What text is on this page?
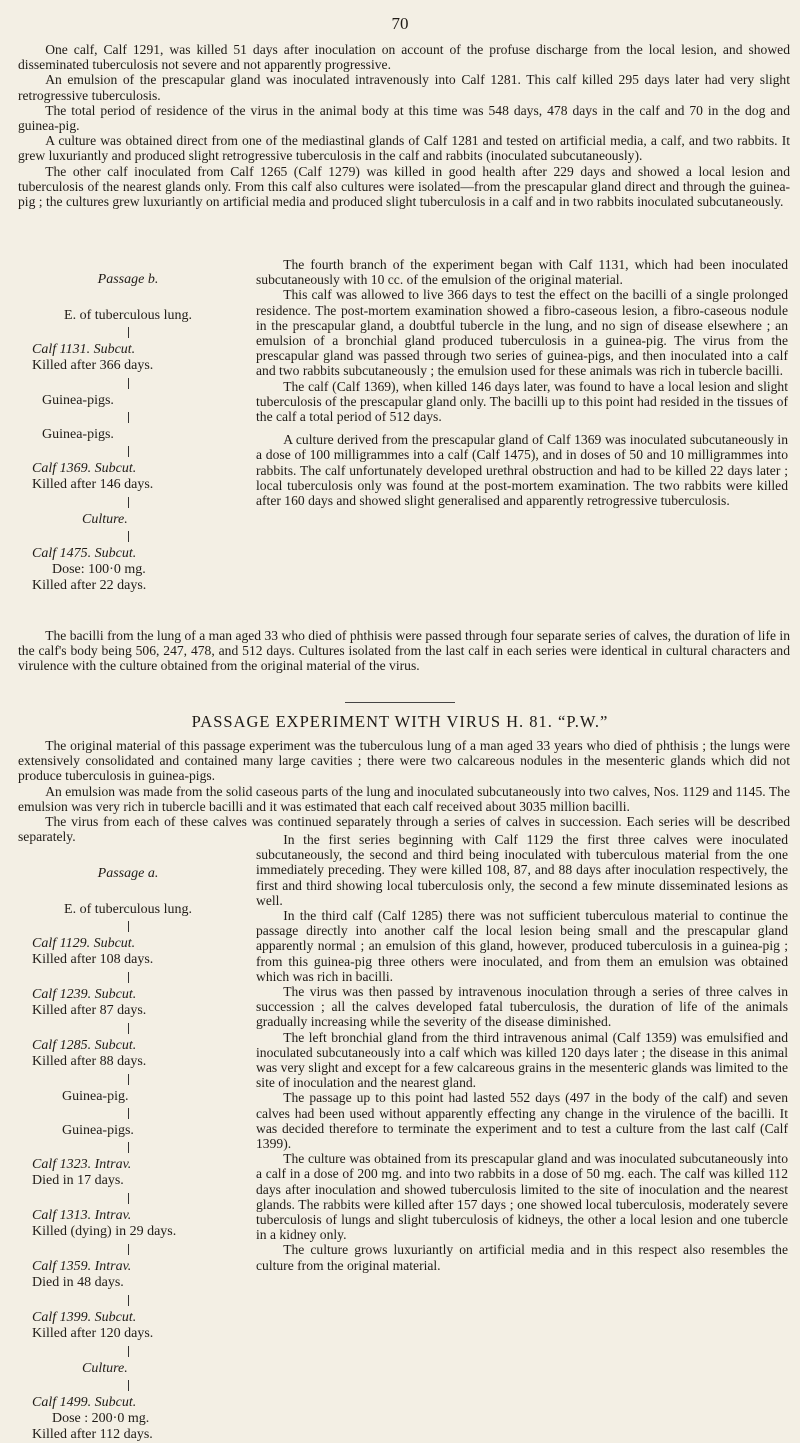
70

One calf, Calf 1291, was killed 51 days after inoculation on account of the profuse discharge from the local lesion, and showed disseminated tuberculosis not severe and not apparently progressive.

An emulsion of the prescapular gland was inoculated intravenously into Calf 1281. This calf killed 295 days later had very slight retrogressive tuberculosis.

The total period of residence of the virus in the animal body at this time was 548 days, 478 days in the calf and 70 in the dog and guinea-pig.

A culture was obtained direct from one of the mediastinal glands of Calf 1281 and tested on artificial media, a calf, and two rabbits. It grew luxuriantly and produced slight retrogressive tuberculosis in the calf and rabbits (inoculated subcutaneously).

The other calf inoculated from Calf 1265 (Calf 1279) was killed in good health after 229 days and showed a local lesion and tuberculosis of the nearest glands only. From this calf also cultures were isolated—from the prescapular gland direct and through the guinea-pig ; the cultures grew luxuriantly on artificial media and produced slight tuberculosis in a calf and in two rabbits inoculated subcutaneously.

Passage b.
E. of tuberculous lung.
Calf 1131. Subcut.
Killed after 366 days.
Guinea-pigs.
Guinea-pigs.
Calf 1369. Subcut.
Killed after 146 days.
Culture.
Calf 1475. Subcut.
Dose: 100·0 mg.
Killed after 22 days.

The fourth branch of the experiment began with Calf 1131, which had been inoculated subcutaneously with 10 cc. of the emulsion of the original material.

This calf was allowed to live 366 days to test the effect on the bacilli of a single prolonged residence. The post-mortem examination showed a fibro-caseous lesion, a fibro-caseous nodule in the prescapular gland, a doubtful tubercle in the lung, and no sign of disease elsewhere ; an emulsion of a bronchial gland produced tuberculosis in a guinea-pig. The virus from the prescapular gland was passed through two series of guinea-pigs, and then inoculated into a calf and two rabbits subcutaneously ; the emulsion used for these animals was rich in tubercle bacilli.

The calf (Calf 1369), when killed 146 days later, was found to have a local lesion and slight tuberculosis of the prescapular gland only. The bacilli up to this point had resided in the tissues of the calf a total period of 512 days.

A culture derived from the prescapular gland of Calf 1369 was inoculated subcutaneously in a dose of 100 milligrammes into a calf (Calf 1475), and in doses of 50 and 10 milligrammes into rabbits. The calf unfortunately developed urethral obstruction and had to be killed 22 days later ; local tuberculosis only was found at the post-mortem examination. The two rabbits were killed after 160 days and showed slight generalised and apparently retrogressive tuberculosis.

The bacilli from the lung of a man aged 33 who died of phthisis were passed through four separate series of calves, the duration of life in the calf's body being 506, 247, 478, and 512 days. Cultures isolated from the last calf in each series were identical in cultural characters and virulence with the culture obtained from the original material of the virus.

PASSAGE EXPERIMENT WITH VIRUS H. 81. “P.W.”

The original material of this passage experiment was the tuberculous lung of a man aged 33 years who died of phthisis ; the lungs were extensively consolidated and contained many large cavities ; there were two calcareous nodules in the mesenteric glands which did not produce tuberculosis in guinea-pigs.

An emulsion was made from the solid caseous parts of the lung and inoculated subcutaneously into two calves, Nos. 1129 and 1145. The emulsion was very rich in tubercle bacilli and it was estimated that each calf received about 3035 million bacilli.

The virus from each of these calves was continued separately through a series of calves in succession. Each series will be described separately.

Passage a.
E. of tuberculous lung.
Calf 1129. Subcut.
Killed after 108 days.
Calf 1239. Subcut.
Killed after 87 days.
Calf 1285. Subcut.
Killed after 88 days.
Guinea-pig.
Guinea-pigs.
Calf 1323. Intrav.
Died in 17 days.
Calf 1313. Intrav.
Killed (dying) in 29 days.
Calf 1359. Intrav.
Died in 48 days.
Calf 1399. Subcut.
Killed after 120 days.
Culture.
Calf 1499. Subcut.
Dose : 200·0 mg.
Killed after 112 days.

In the first series beginning with Calf 1129 the first three calves were inoculated subcutaneously, the second and third being inoculated with tuberculous material from the one immediately preceding. They were killed 108, 87, and 88 days after inoculation respectively, the first and third showing local tuberculosis only, the second a few minute disseminated lesions as well.

In the third calf (Calf 1285) there was not sufficient tuberculous material to continue the passage directly into another calf the local lesion being small and the prescapular gland apparently normal ; an emulsion of this gland, however, produced tuberculosis in a guinea-pig ; from this guinea-pig three others were inoculated, and from them an emulsion was obtained which was rich in bacilli.

The virus was then passed by intravenous inoculation through a series of three calves in succession ; all the calves developed fatal tuberculosis, the duration of life of the animals gradually increasing while the severity of the disease diminished.

The left bronchial gland from the third intravenous animal (Calf 1359) was emulsified and inoculated subcutaneously into a calf which was killed 120 days later ; the disease in this animal was very slight and except for a few calcareous grains in the mesenteric glands was limited to the site of inoculation and the nearest gland.

The passage up to this point had lasted 552 days (497 in the body of the calf) and seven calves had been used without apparently effecting any change in the virulence of the bacilli. It was decided therefore to terminate the experiment and to test a culture from the last calf (Calf 1399).

The culture was obtained from its prescapular gland and was inoculated subcutaneously into a calf in a dose of 200 mg. and into two rabbits in a dose of 50 mg. each. The calf was killed 112 days after inoculation and showed tuberculosis limited to the site of inoculation and the nearest glands. The rabbits were killed after 157 days ; one showed local tuberculosis, moderately severe tuberculosis of lungs and slight tuberculosis of kidneys, the other a local lesion and one tubercle in a kidney only.

The culture grows luxuriantly on artificial media and in this respect also resembles the culture from the original material.
